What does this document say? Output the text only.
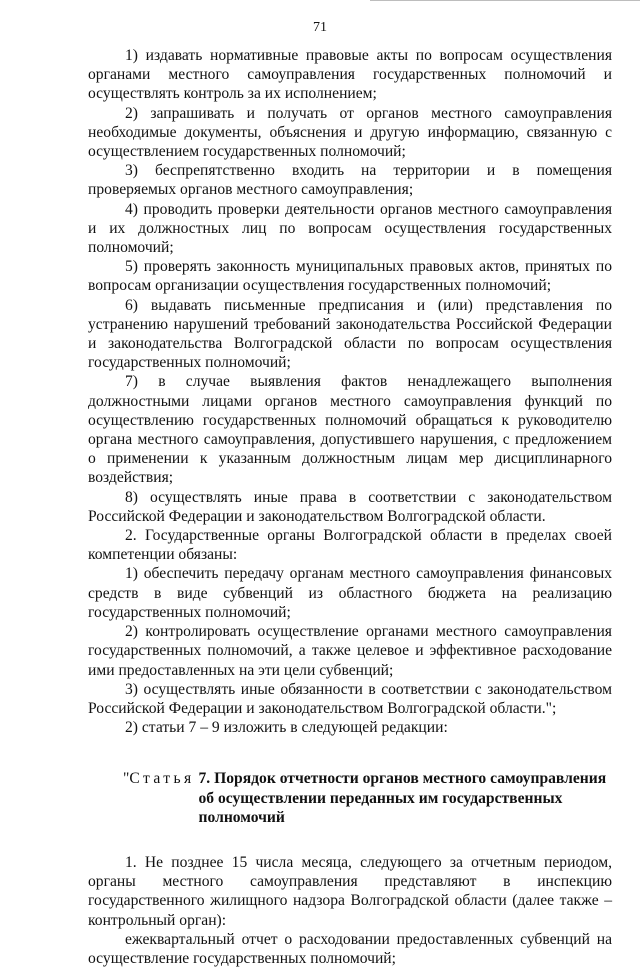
71

1) издавать нормативные правовые акты по вопросам осуществления органами местного самоуправления государственных полномочий и осуществлять контроль за их исполнением;

2) запрашивать и получать от органов местного самоуправления необходимые документы, объяснения и другую информацию, связанную с осуществлением государственных полномочий;

3) беспрепятственно входить на территории и в помещения проверяемых органов местного самоуправления;

4) проводить проверки деятельности органов местного самоуправления и их должностных лиц по вопросам осуществления государственных полномочий;

5) проверять законность муниципальных правовых актов, принятых по вопросам организации осуществления государственных полномочий;

6) выдавать письменные предписания и (или) представления по устранению нарушений требований законодательства Российской Федерации и законодательства Волгоградской области по вопросам осуществления государственных полномочий;

7) в случае выявления фактов ненадлежащего выполнения должностными лицами органов местного самоуправления функций по осуществлению государственных полномочий обращаться к руководителю органа местного самоуправления, допустившего нарушения, с предложением о применении к указанным должностным лицам мер дисциплинарного воздействия;

8) осуществлять иные права в соответствии с законодательством Российской Федерации и законодательством Волгоградской области.

2. Государственные органы Волгоградской области в пределах своей компетенции обязаны:

1) обеспечить передачу органам местного самоуправления финансовых средств в виде субвенций из областного бюджета на реализацию государственных полномочий;

2) контролировать осуществление органами местного самоуправления государственных полномочий, а также целевое и эффективное расходование ими предоставленных на эти цели субвенций;

3) осуществлять иные обязанности в соответствии с законодательством Российской Федерации и законодательством Волгоградской области.";

2) статьи 7 – 9 изложить в следующей редакции:

"Статья 7. Порядок отчетности органов местного самоуправления об осуществлении переданных им государственных полномочий

1. Не позднее 15 числа месяца, следующего за отчетным периодом, органы местного самоуправления представляют в инспекцию государственного жилищного надзора Волгоградской области (далее также – контрольный орган):

ежеквартальный отчет о расходовании предоставленных субвенций на осуществление государственных полномочий;
